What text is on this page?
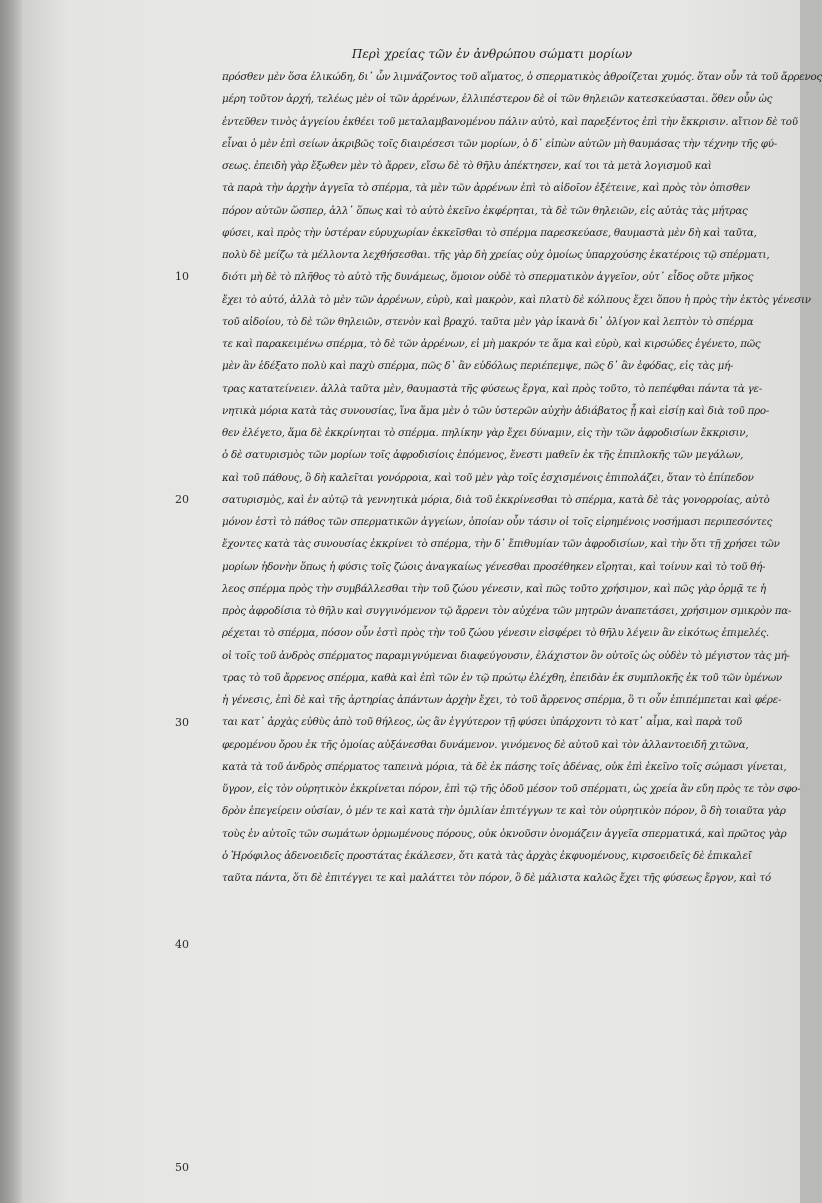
Περὶ χρείας τῶν ἐν ἀνθρώπου σώματι μορίων
πρόσθεν μὲν ὅσα ἐλικώδη, δι᾽ ὧν λιμνάζοντος τοῦ αἵματος, ὁ σπερματικὸς ἀθροίζεται χυμός. ὅταν οὖν τὰ τοῦ ἄρρενος
μέρη τοῦτον ἀρχή, τελέως μὲν οἱ τῶν ἀρρένων, ἐλλιπέστερον δὲ οἱ τῶν θηλειῶν κατεσκεύασται. ὅθεν οὖν ὡς
ἐντεῦθεν τινὸς ἀγγείου ἐκθέει τοῦ μεταλαμβανομένου πάλιν αὐτὸ, καὶ παρεξέντος ἐπὶ τὴν ἔκκρισιν. αἴτιον δὲ τοῦ
εἶναι ὁ μὲν ἐπὶ σείων ἀκριβῶς τοῖς διαιρέσεσι τῶν μορίων, ὁ δ᾽ εἰπὼν αὐτῶν μὴ θαυμάσας τὴν τέχνην τῆς φύ-
σεως. ἐπειδὴ γὰρ ἔξωθεν μὲν τὸ ἄρρεν, εἴσω δὲ τὸ θῆλυ ἀπέκτησεν, καί τοι τὰ μετὰ λογισμοῦ καὶ
τὰ παρὰ τὴν ἀρχὴν ἀγγεῖα τὸ σπέρμα, τὰ μὲν τῶν ἀρρένων ἐπὶ τὸ αἰδοῖον ἐξέτεινε, καὶ πρὸς τὸν ὀπισθεν
πόρον αὐτῶν ὥσπερ, ἀλλ᾽ ὅπως καὶ τὸ αὐτὸ ἐκεῖνο ἐκφέρηται, τὰ δὲ τῶν θηλειῶν, εἰς αὐτὰς τὰς μήτρας
φύσει, καὶ πρὸς τὴν ὑστέραν εὐρυχωρίαν ἐκκεῖσθαι τὸ σπέρμα παρεσκεύασε, θαυμαστὰ μὲν δὴ καὶ ταῦτα,
πολὺ δὲ μείζω τὰ μέλλοντα λεχθήσεσθαι. τῆς γὰρ δὴ χρείας οὐχ ὁμοίως ὑπαρχούσης ἑκατέροις τῷ σπέρματι,
διότι μὴ δὲ τὸ πλῆθος τὸ αὐτὸ τῆς δυνάμεως, ὅμοιον οὐδὲ τὸ σπερματικὸν ἀγγεῖον, οὐτ᾽ εἶδος οὔτε μῆκος
ἔχει τὸ αὐτό, ἀλλὰ τὸ μὲν τῶν ἀρρένων, εὐρὺ, καὶ μακρὸν, καὶ πλατὺ δὲ κόλπους ἔχει ὅπου ἡ πρὸς τὴν ἐκτὸς γένεσιν
τοῦ αἰδοίου, τὸ δὲ τῶν θηλειῶν, στενὸν καὶ βραχύ. ταῦτα μὲν γὰρ ἱκανὰ δι᾽ ὀλίγον καὶ λεπτὸν τὸ σπέρμα
τε καὶ παρακειμένω σπέρμα, τὸ δὲ τῶν ἀρρένων, εἰ μὴ μακρόν τε ἅμα καὶ εὐρὺ, καὶ κιρσώδες ἐγένετο, πῶς
μὲν ἂν ἐδέξατο πολὺ καὶ παχὺ σπέρμα, πῶς δ᾽ ἂν εὐδόλως περιέπεμψε, πῶς δ᾽ ἂν ἐφόδας, εἰς τὰς μή-
τρας κατατείνειεν. ἀλλὰ ταῦτα μὲν, θαυμαστὰ τῆς φύσεως ἔργα, καὶ πρὸς τοῦτο, τὸ πεπέφθαι πάντα τὰ γε-
νητικὰ μόρια κατὰ τὰς συνουσίας, ἵνα ἅμα μὲν ὁ τῶν ὑστερῶν αὐχὴν ἀδιάβατος ᾖ καὶ εἰσίῃ καὶ διὰ τοῦ προ-
θεν ἐλέγετο, ἅμα δὲ ἐκκρίνηται τὸ σπέρμα. πηλίκην γὰρ ἔχει δύναμιν, εἰς τὴν τῶν ἀφροδισίων ἔκκρισιν,
ὁ δὲ σατυρισμὸς τῶν μορίων τοῖς ἀφροδισίοις ἑπόμενος, ἔνεστι μαθεῖν ἐκ τῆς ἐπιπλοκῆς τῶν μεγάλων,
καὶ τοῦ πάθους, ὃ δὴ καλεῖται γονόρροια, καὶ τοῦ μὲν γὰρ τοῖς ἐσχισμένοις ἐπιπολάζει, ὅταν τὸ ἐπίπεδον
σατυρισμὸς, καὶ ἐν αὐτῷ τὰ γεννητικὰ μόρια, διὰ τοῦ ἐκκρίνεσθαι τὸ σπέρμα, κατὰ δὲ τὰς γονορροίας, αὐτὸ
μόνον ἐστὶ τὸ πάθος τῶν σπερματικῶν ἀγγείων, ὁποίαν οὖν τάσιν οἱ τοῖς εἰρημένοις νοσήμασι περιπεσόντες
ἔχοντες κατὰ τὰς συνουσίας ἐκκρίνει τὸ σπέρμα, τὴν δ᾽ ἔπιθυμίαν τῶν ἀφροδισίων, καὶ τὴν ὅτι τῇ χρήσει τῶν
μορίων ἡδονὴν ὅπως ἡ φύσις τοῖς ζώοις ἀναγκαίως γένεσθαι προσέθηκεν εἴρηται, καὶ τοίνυν καὶ τὸ τοῦ θή-
λεος σπέρμα πρὸς τὴν συμβάλλεσθαι τὴν τοῦ ζώου γένεσιν, καὶ πῶς τοῦτο χρήσιμον, καὶ πῶς γὰρ ὁρμᾷ τε ἡ
πρὸς ἀφροδίσια τὸ θῆλυ καὶ συγγινόμενον τῷ ἄρρενι τὸν αὐχένα τῶν μητρῶν ἀναπετάσει, χρήσιμον σμικρὸν πα-
ρέχεται τὸ σπέρμα, πόσον οὖν ἐστὶ πρὸς τὴν τοῦ ζώου γένεσιν εἰσφέρει τὸ θῆλυ λέγειν ἂν εἰκότως ἐπιμελές.
οἱ τοῖς τοῦ ἀνδρὸς σπέρματος παραμιγνύμεναι διαφεύγουσιν, ἐλάχιστον ὂν οὐτοῖς ὡς οὐδὲν τὸ μέγιστον τὰς μή-
τρας τὸ τοῦ ἄρρενος σπέρμα, καθὰ καὶ ἐπὶ τῶν ἐν τῷ πρώτῳ ἐλέχθη, ἐπειδὰν ἐκ συμπλοκῆς ἐκ τοῦ τῶν ὑμένων
ἡ γένεσις, ἐπὶ δὲ καὶ τῆς ἀρτηρίας ἁπάντων ἀρχὴν ἔχει, τὸ τοῦ ἄρρενος σπέρμα, ὃ τι οὖν ἐπιπέμπεται καὶ φέρε-
ται κατ᾽ ἀρχὰς εὐθὺς ἀπὸ τοῦ θήλεος, ὡς ἂν ἐγγύτερον τῇ φύσει ὑπάρχοντι τὸ κατ᾽ αἷμα, καὶ παρὰ τοῦ
φερομένου ὄρου ἐκ τῆς ὁμοίας αὐξάνεσθαι δυνάμενον. γινόμενος δὲ αὐτοῦ καὶ τὸν ἀλλαντοειδῆ χιτῶνα,
κατὰ τὰ τοῦ ἀνδρὸς σπέρματος ταπεινὰ μόρια, τὰ δὲ ἐκ πάσης τοῖς ἀδένας, οὐκ ἐπὶ ἐκεῖνο τοῖς σώμασι γίνεται,
ὕγρον, εἰς τὸν οὐρητικὸν ἐκκρίνεται πόρον, ἐπὶ τῷ τῆς ὁδοῦ μέσον τοῦ σπέρματι, ὡς χρεία ἂν εὔη πρὸς τε τὸν σφο-
δρὸν ἐπεγείρειν οὐσίαν, ὁ μέν τε καὶ κατὰ τὴν ὁμιλίαν ἐπιτέγγων τε καὶ τὸν οὐρητικὸν πόρον, ὃ δὴ τοιαῦτα γὰρ
τοὺς ἐν αὐτοῖς τῶν σωμάτων ὁρμωμένους πόρους, οὐκ ὀκνοῦσιν ὀνομάζειν ἀγγεῖα σπερματικά, καὶ πρῶτος γὰρ
ὁ Ἡρόφιλος ἀδενοειδεῖς προστάτας ἐκάλεσεν, ὅτι κατὰ τὰς ἀρχὰς ἐκφυομένους, κιρσοειδεῖς δὲ ἐπικαλεῖ
ταῦτα πάντα, ὅτι δὲ ἐπιτέγγει τε καὶ μαλάττει τὸν πόρον, ὃ δὲ μάλιστα καλῶς ἔχει τῆς φύσεως ἔργον, καὶ τό
10
20
30
40
50
